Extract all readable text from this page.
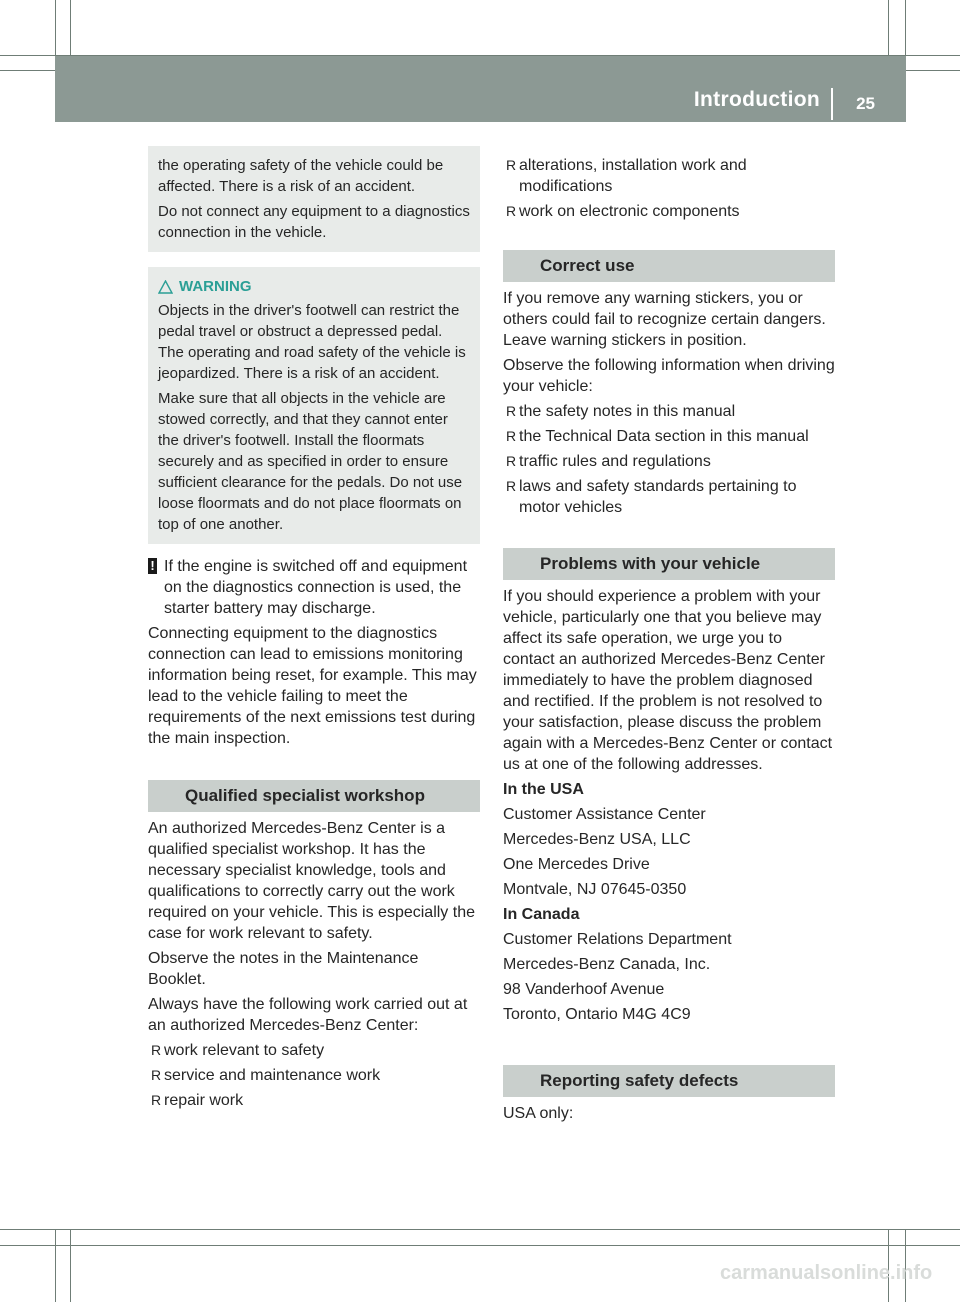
Introduction 25

the operating safety of the vehicle could be affected. There is a risk of an accident.

Do not connect any equipment to a diagnostics connection in the vehicle.

WARNING

Objects in the driver's footwell can restrict the pedal travel or obstruct a depressed pedal. The operating and road safety of the vehicle is jeopardized. There is a risk of an accident.

Make sure that all objects in the vehicle are stowed correctly, and that they cannot enter the driver's footwell. Install the floormats securely and as specified in order to ensure sufficient clearance for the pedals. Do not use loose floormats and do not place floormats on top of one another.

! If the engine is switched off and equipment on the diagnostics connection is used, the starter battery may discharge.

Connecting equipment to the diagnostics connection can lead to emissions monitoring information being reset, for example. This may lead to the vehicle failing to meet the requirements of the next emissions test during the main inspection.

Qualified specialist workshop

An authorized Mercedes-Benz Center is a qualified specialist workshop. It has the necessary specialist knowledge, tools and qualifications to correctly carry out the work required on your vehicle. This is especially the case for work relevant to safety.

Observe the notes in the Maintenance Booklet.

Always have the following work carried out at an authorized Mercedes-Benz Center:

R work relevant to safety
R service and maintenance work
R repair work
R alterations, installation work and modifications
R work on electronic components
Correct use

If you remove any warning stickers, you or others could fail to recognize certain dangers. Leave warning stickers in position.

Observe the following information when driving your vehicle:

R the safety notes in this manual
R the Technical Data section in this manual
R traffic rules and regulations
R laws and safety standards pertaining to motor vehicles
Problems with your vehicle

If you should experience a problem with your vehicle, particularly one that you believe may affect its safe operation, we urge you to contact an authorized Mercedes-Benz Center immediately to have the problem diagnosed and rectified. If the problem is not resolved to your satisfaction, please discuss the problem again with a Mercedes-Benz Center or contact us at one of the following addresses.

In the USA

Customer Assistance Center

Mercedes-Benz USA, LLC

One Mercedes Drive

Montvale, NJ 07645-0350

In Canada

Customer Relations Department

Mercedes-Benz Canada, Inc.

98 Vanderhoof Avenue

Toronto, Ontario M4G 4C9

Reporting safety defects

USA only:

carmanualsonline.info
